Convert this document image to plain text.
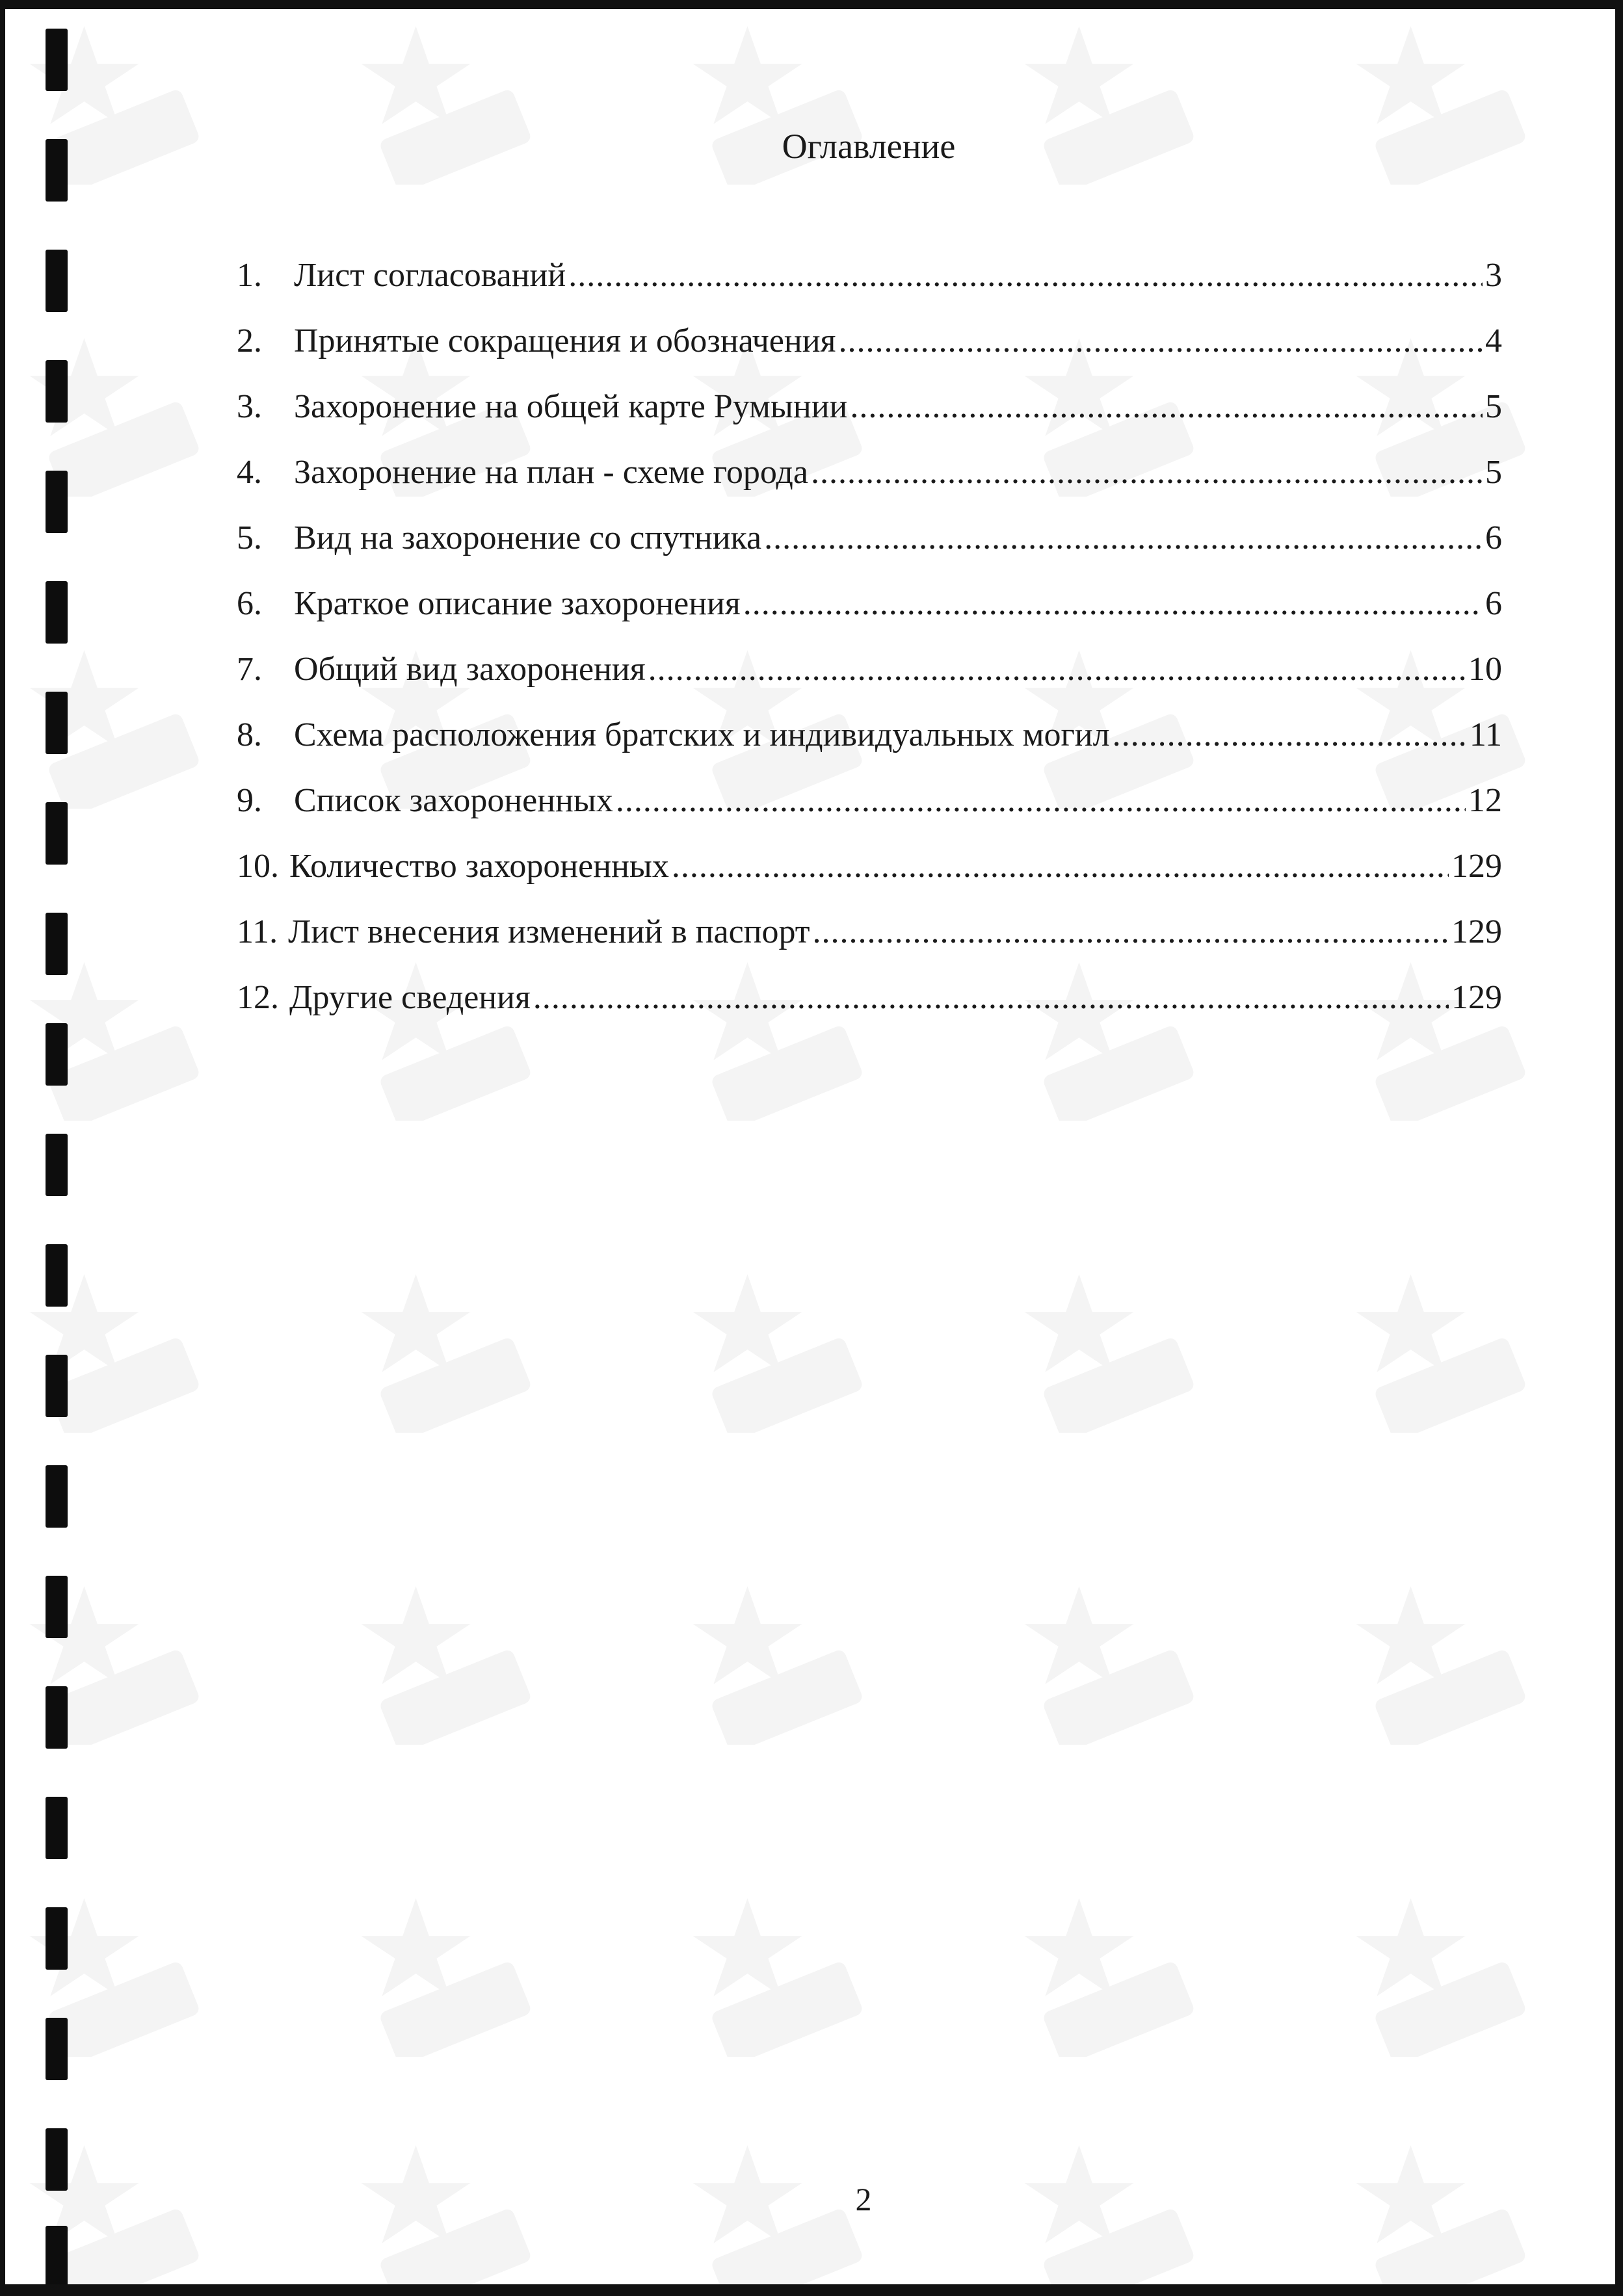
Оглавление
1. Лист согласований .....	3
2. Принятые сокращения и обозначения .....	4
3. Захоронение на общей карте Румынии .....	5
4. Захоронение на план - схеме города .....	5
5. Вид на захоронение со спутника .....	6
6. Краткое описание захоронения .....	6
7. Общий вид захоронения .....	10
8. Схема расположения братских и индивидуальных могил .....	11
9. Список захороненных .....	12
10. Количество захороненных .....	129
11. Лист внесения изменений в паспорт .....	129
12. Другие сведения .....	129
2
